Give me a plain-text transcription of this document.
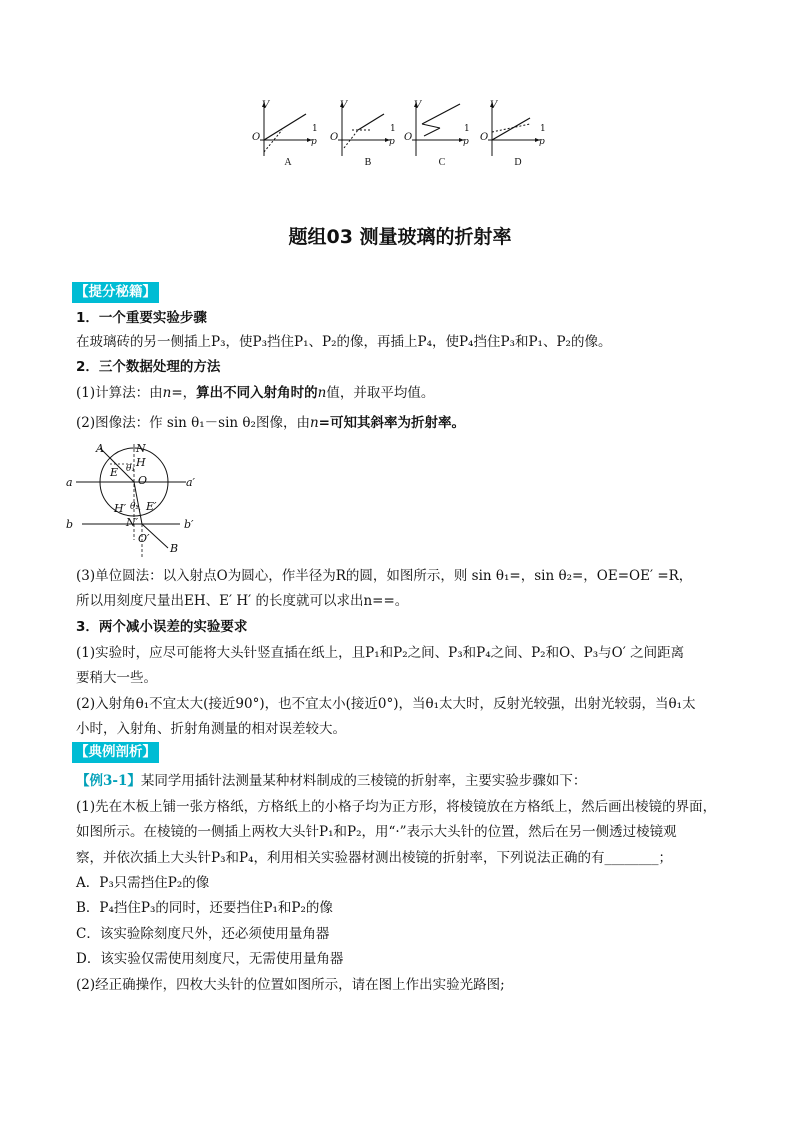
V
O
1
p
V
O
1
p
V
O
1
p
V
O
1
p
A	B	C	D
题组03 测量玻璃的折射率
【提分秘籍】
1．一个重要实验步骤
在玻璃砖的另一侧插上P₃，使P₃挡住P₁、P₂的像，再插上P₄，使P₄挡住P₃和P₁、P₂的像。
2．三个数据处理的方法
(1)计算法：由n=，算出不同入射角时的n值，并取平均值。
(2)图像法：作 sin θ₁－sin θ₂图像，由n=可知其斜率为折射率。
A	N
H
E θ₁
O
a	a′
H′ θ₂ E′
b	b′
N′
O′
B
(3)单位圆法：以入射点O为圆心，作半径为R的圆，如图所示，则 sin θ₁=，sin θ₂=，OE=OE′ =R，
所以用刻度尺量出EH、E′ H′ 的长度就可以求出n==。
3．两个减小误差的实验要求
(1)实验时，应尽可能将大头针竖直插在纸上，且P₁和P₂之间、P₃和P₄之间、P₂和O、P₃与O′ 之间距离
要稍大一些。
(2)入射角θ₁不宜太大(接近90°)，也不宜太小(接近0°)，当θ₁太大时，反射光较强，出射光较弱，当θ₁太
小时，入射角、折射角测量的相对误差较大。
【典例剖析】
【例3-1】某同学用插针法测量某种材料制成的三棱镜的折射率，主要实验步骤如下：
(1)先在木板上铺一张方格纸，方格纸上的小格子均为正方形，将棱镜放在方格纸上，然后画出棱镜的界面，
如图所示。在棱镜的一侧插上两枚大头针P₁和P₂，用“·”表示大头针的位置，然后在另一侧透过棱镜观
察，并依次插上大头针P₃和P₄，利用相关实验器材测出棱镜的折射率，下列说法正确的有________；
A．P₃只需挡住P₂的像
B．P₄挡住P₃的同时，还要挡住P₁和P₂的像
C．该实验除刻度尺外，还必须使用量角器
D．该实验仅需使用刻度尺，无需使用量角器
(2)经正确操作，四枚大头针的位置如图所示，请在图上作出实验光路图;
